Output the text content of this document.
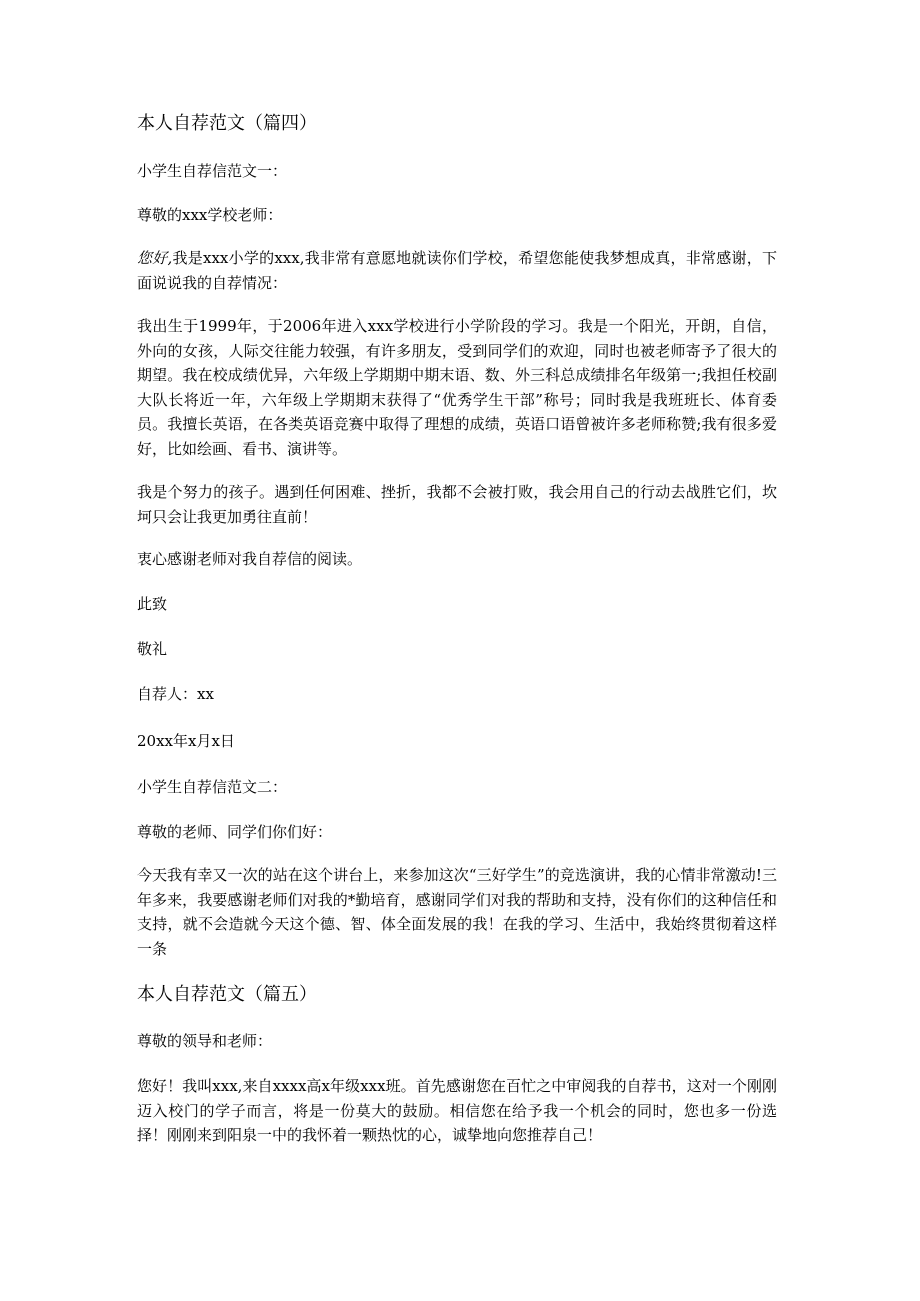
本人自荐范文（篇四）

小学生自荐信范文一：

尊敬的xxx学校老师：

您好,我是xxx小学的xxx,我非常有意愿地就读你们学校，希望您能使我梦想成真，非常感谢，下面说说我的自荐情况：

我出生于1999年，于2006年进入xxx学校进行小学阶段的学习。我是一个阳光，开朗，自信，外向的女孩，人际交往能力较强，有许多朋友，受到同学们的欢迎，同时也被老师寄予了很大的期望。我在校成绩优异，六年级上学期期中期末语、数、外三科总成绩排名年级第一;我担任校副大队长将近一年，六年级上学期期末获得了“优秀学生干部”称号；同时我是我班班长、体育委员。我擅长英语，在各类英语竞赛中取得了理想的成绩，英语口语曾被许多老师称赞;我有很多爱好，比如绘画、看书、演讲等。

我是个努力的孩子。遇到任何困难、挫折，我都不会被打败，我会用自己的行动去战胜它们，坎坷只会让我更加勇往直前！

衷心感谢老师对我自荐信的阅读。

此致

敬礼

自荐人：xx

20xx年x月x日

小学生自荐信范文二：

尊敬的老师、同学们你们好：

今天我有幸又一次的站在这个讲台上，来参加这次“三好学生”的竞选演讲，我的心情非常激动!三年多来，我要感谢老师们对我的*勤培育，感谢同学们对我的帮助和支持，没有你们的这种信任和支持，就不会造就今天这个德、智、体全面发展的我！在我的学习、生活中，我始终贯彻着这样一条

本人自荐范文（篇五）

尊敬的领导和老师：

您好！我叫xxx,来自xxxx高x年级xxx班。首先感谢您在百忙之中审阅我的自荐书，这对一个刚刚迈入校门的学子而言，将是一份莫大的鼓励。相信您在给予我一个机会的同时，您也多一份选择！刚刚来到阳泉一中的我怀着一颗热忱的心，诚挚地向您推荐自己！
